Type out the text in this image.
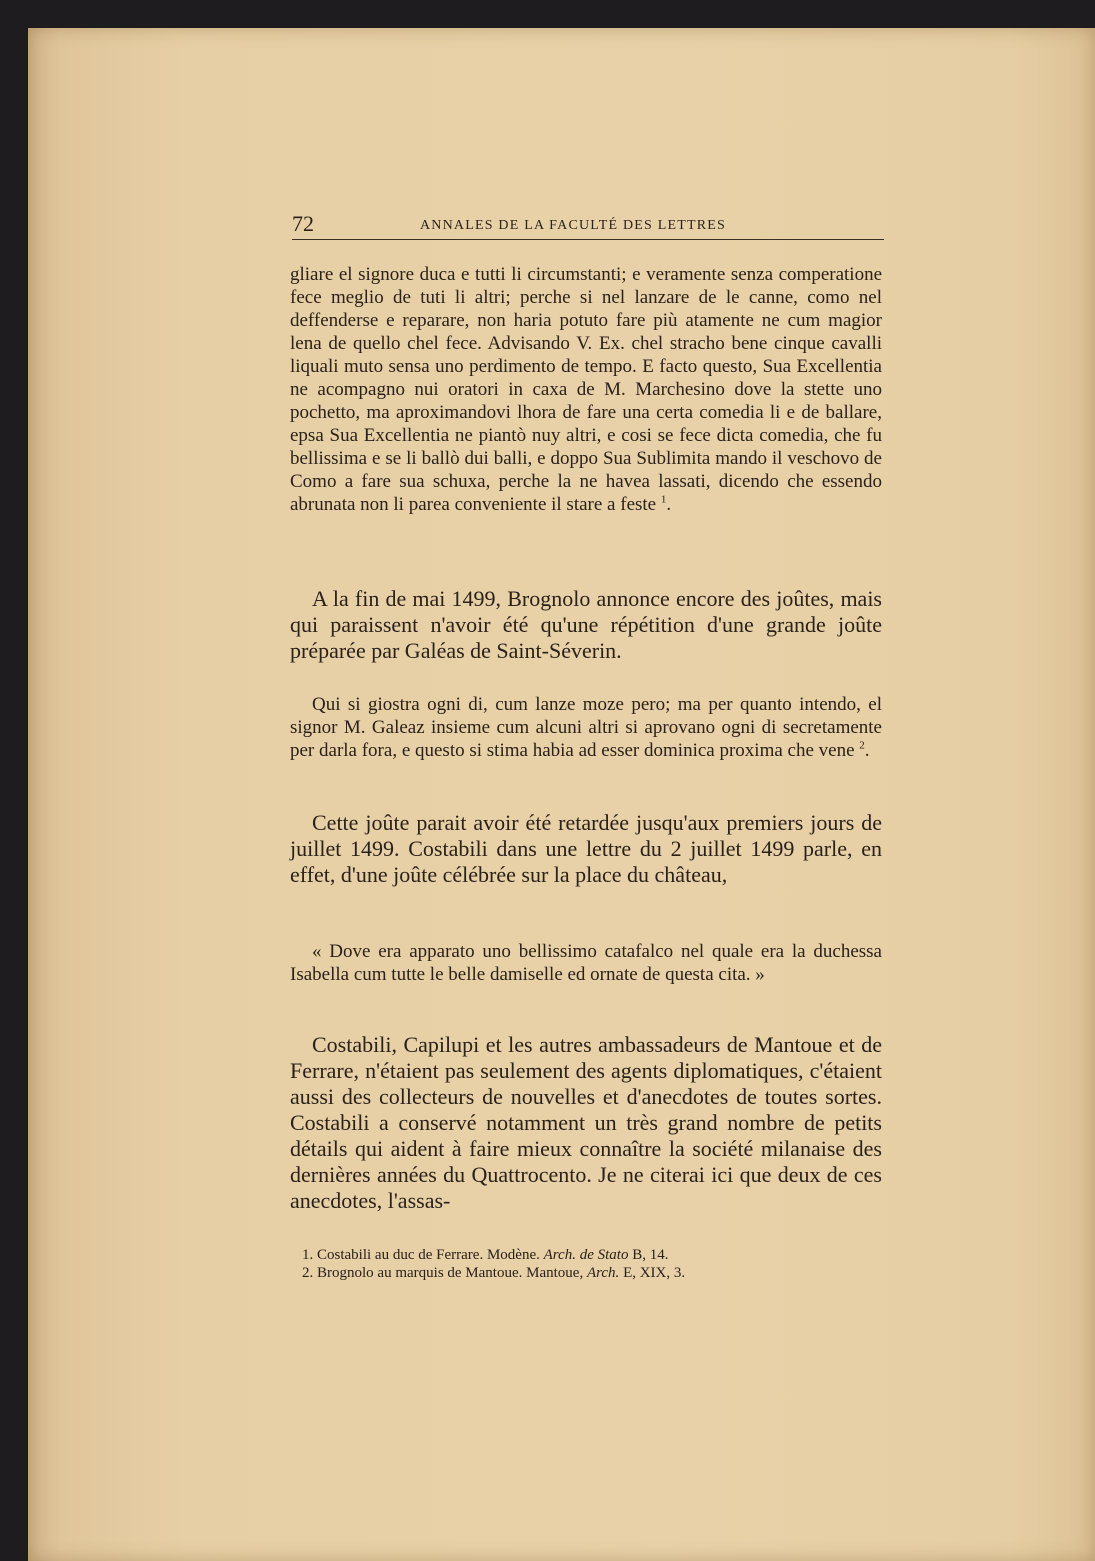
72	ANNALES DE LA FACULTÉ DES LETTRES

gliare el signore duca e tutti li circumstanti; e veramente senza comperatione fece meglio de tuti li altri; perche si nel lanzare de le canne, como nel deffenderse e reparare, non haria potuto fare più atamente ne cum magior lena de quello chel fece. Advisando V. Ex. chel stracho bene cinque cavalli liquali muto sensa uno perdimento de tempo. E facto questo, Sua Excellentia ne acompagno nui oratori in caxa de M. Marchesino dove la stette uno pochetto, ma aproximandovi lhora de fare una certa comedia li e de ballare, epsa Sua Excellentia ne piantò nuy altri, e cosi se fece dicta comedia, che fu bellissima e se li ballò dui balli, e doppo Sua Sublimita mando il veschovo de Como a fare sua schuxa, perche la ne havea lassati, dicendo che essendo abrunata non li parea conveniente il stare a feste $^1$.

A la fin de mai 1499, Brognolo annonce encore des joûtes, mais qui paraissent n'avoir été qu'une répétition d'une grande joûte préparée par Galéas de Saint-Séverin.

Qui si giostra ogni di, cum lanze moze pero; ma per quanto intendo, el signor M. Galeaz insieme cum alcuni altri si aprovano ogni di secretamente per darla fora, e questo si stima habia ad esser dominica proxima che vene $^2$.

Cette joûte parait avoir été retardée jusqu'aux premiers jours de juillet 1499. Costabili dans une lettre du 2 juillet 1499 parle, en effet, d'une joûte célébrée sur la place du château,

« Dove era apparato uno bellissimo catafalco nel quale era la duchessa Isabella cum tutte le belle damiselle ed ornate de questa cita. »

Costabili, Capilupi et les autres ambassadeurs de Mantoue et de Ferrare, n'étaient pas seulement des agents diplomatiques, c'étaient aussi des collecteurs de nouvelles et d'anecdotes de toutes sortes. Costabili a conservé notamment un très grand nombre de petits détails qui aident à faire mieux connaître la société milanaise des dernières années du Quattrocento. Je ne citerai ici que deux de ces anecdotes, l'assas-

1. Costabili au duc de Ferrare. Modène. Arch. de Stato B, 14.

2. Brognolo au marquis de Mantoue. Mantoue, Arch. E, XIX, 3.
